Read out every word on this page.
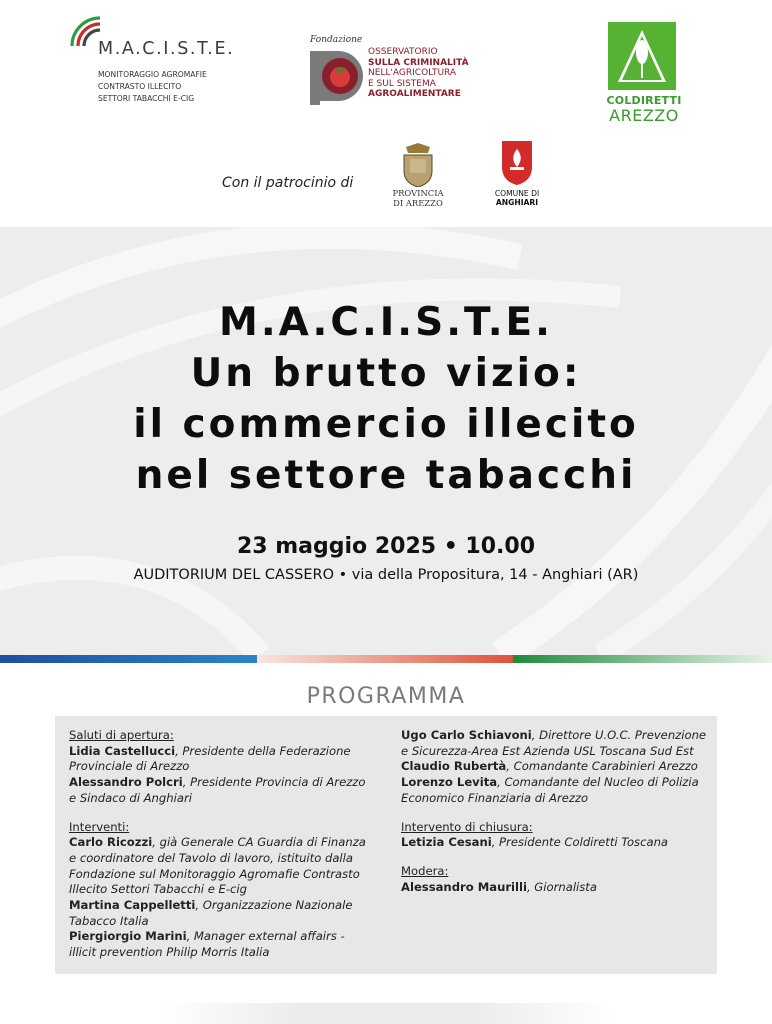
M.A.C.I.S.T.E.
MONITORAGGIO AGROMAFIE
CONTRASTO ILLECITO
SETTORI TABACCHI E-CIG
Fondazione
OSSERVATORIO
SULLA CRIMINALITÀ
NELL'AGRICOLTURA
E SUL SISTEMA
AGROALIMENTARE	COLDIRETTI
AREZZO
Con il patrocinio di
PROVINCIA
DI AREZZO
COMUNE DI
ANGHIARI
M.A.C.I.S.T.E.
Un brutto vizio:
il commercio illecito
nel settore tabacchi
23 maggio 2025 • 10.00
AUDITORIUM DEL CASSERO • via della Propositura, 14 - Anghiari (AR)
PROGRAMMA
Saluti di apertura:
Lidia Castellucci, Presidente della Federazione
Provinciale di Arezzo
Alessandro Polcri, Presidente Provincia di Arezzo
e Sindaco di Anghiari
Interventi:
Carlo Ricozzi, già Generale CA Guardia di Finanza
e coordinatore del Tavolo di lavoro, istituito dalla
Fondazione sul Monitoraggio Agromafie Contrasto
Illecito Settori Tabacchi e E-cig
Martina Cappelletti, Organizzazione Nazionale
Tabacco Italia
Piergiorgio Marini, Manager external affairs -
illicit prevention Philip Morris Italia
Ugo Carlo Schiavoni, Direttore U.O.C. Prevenzione
e Sicurezza-Area Est Azienda USL Toscana Sud Est
Claudio Rubertà, Comandante Carabinieri Arezzo
Lorenzo Levita, Comandante del Nucleo di Polizia
Economico Finanziaria di Arezzo
Intervento di chiusura:
Letizia Cesani, Presidente Coldiretti Toscana
Modera:
Alessandro Maurilli, Giornalista
